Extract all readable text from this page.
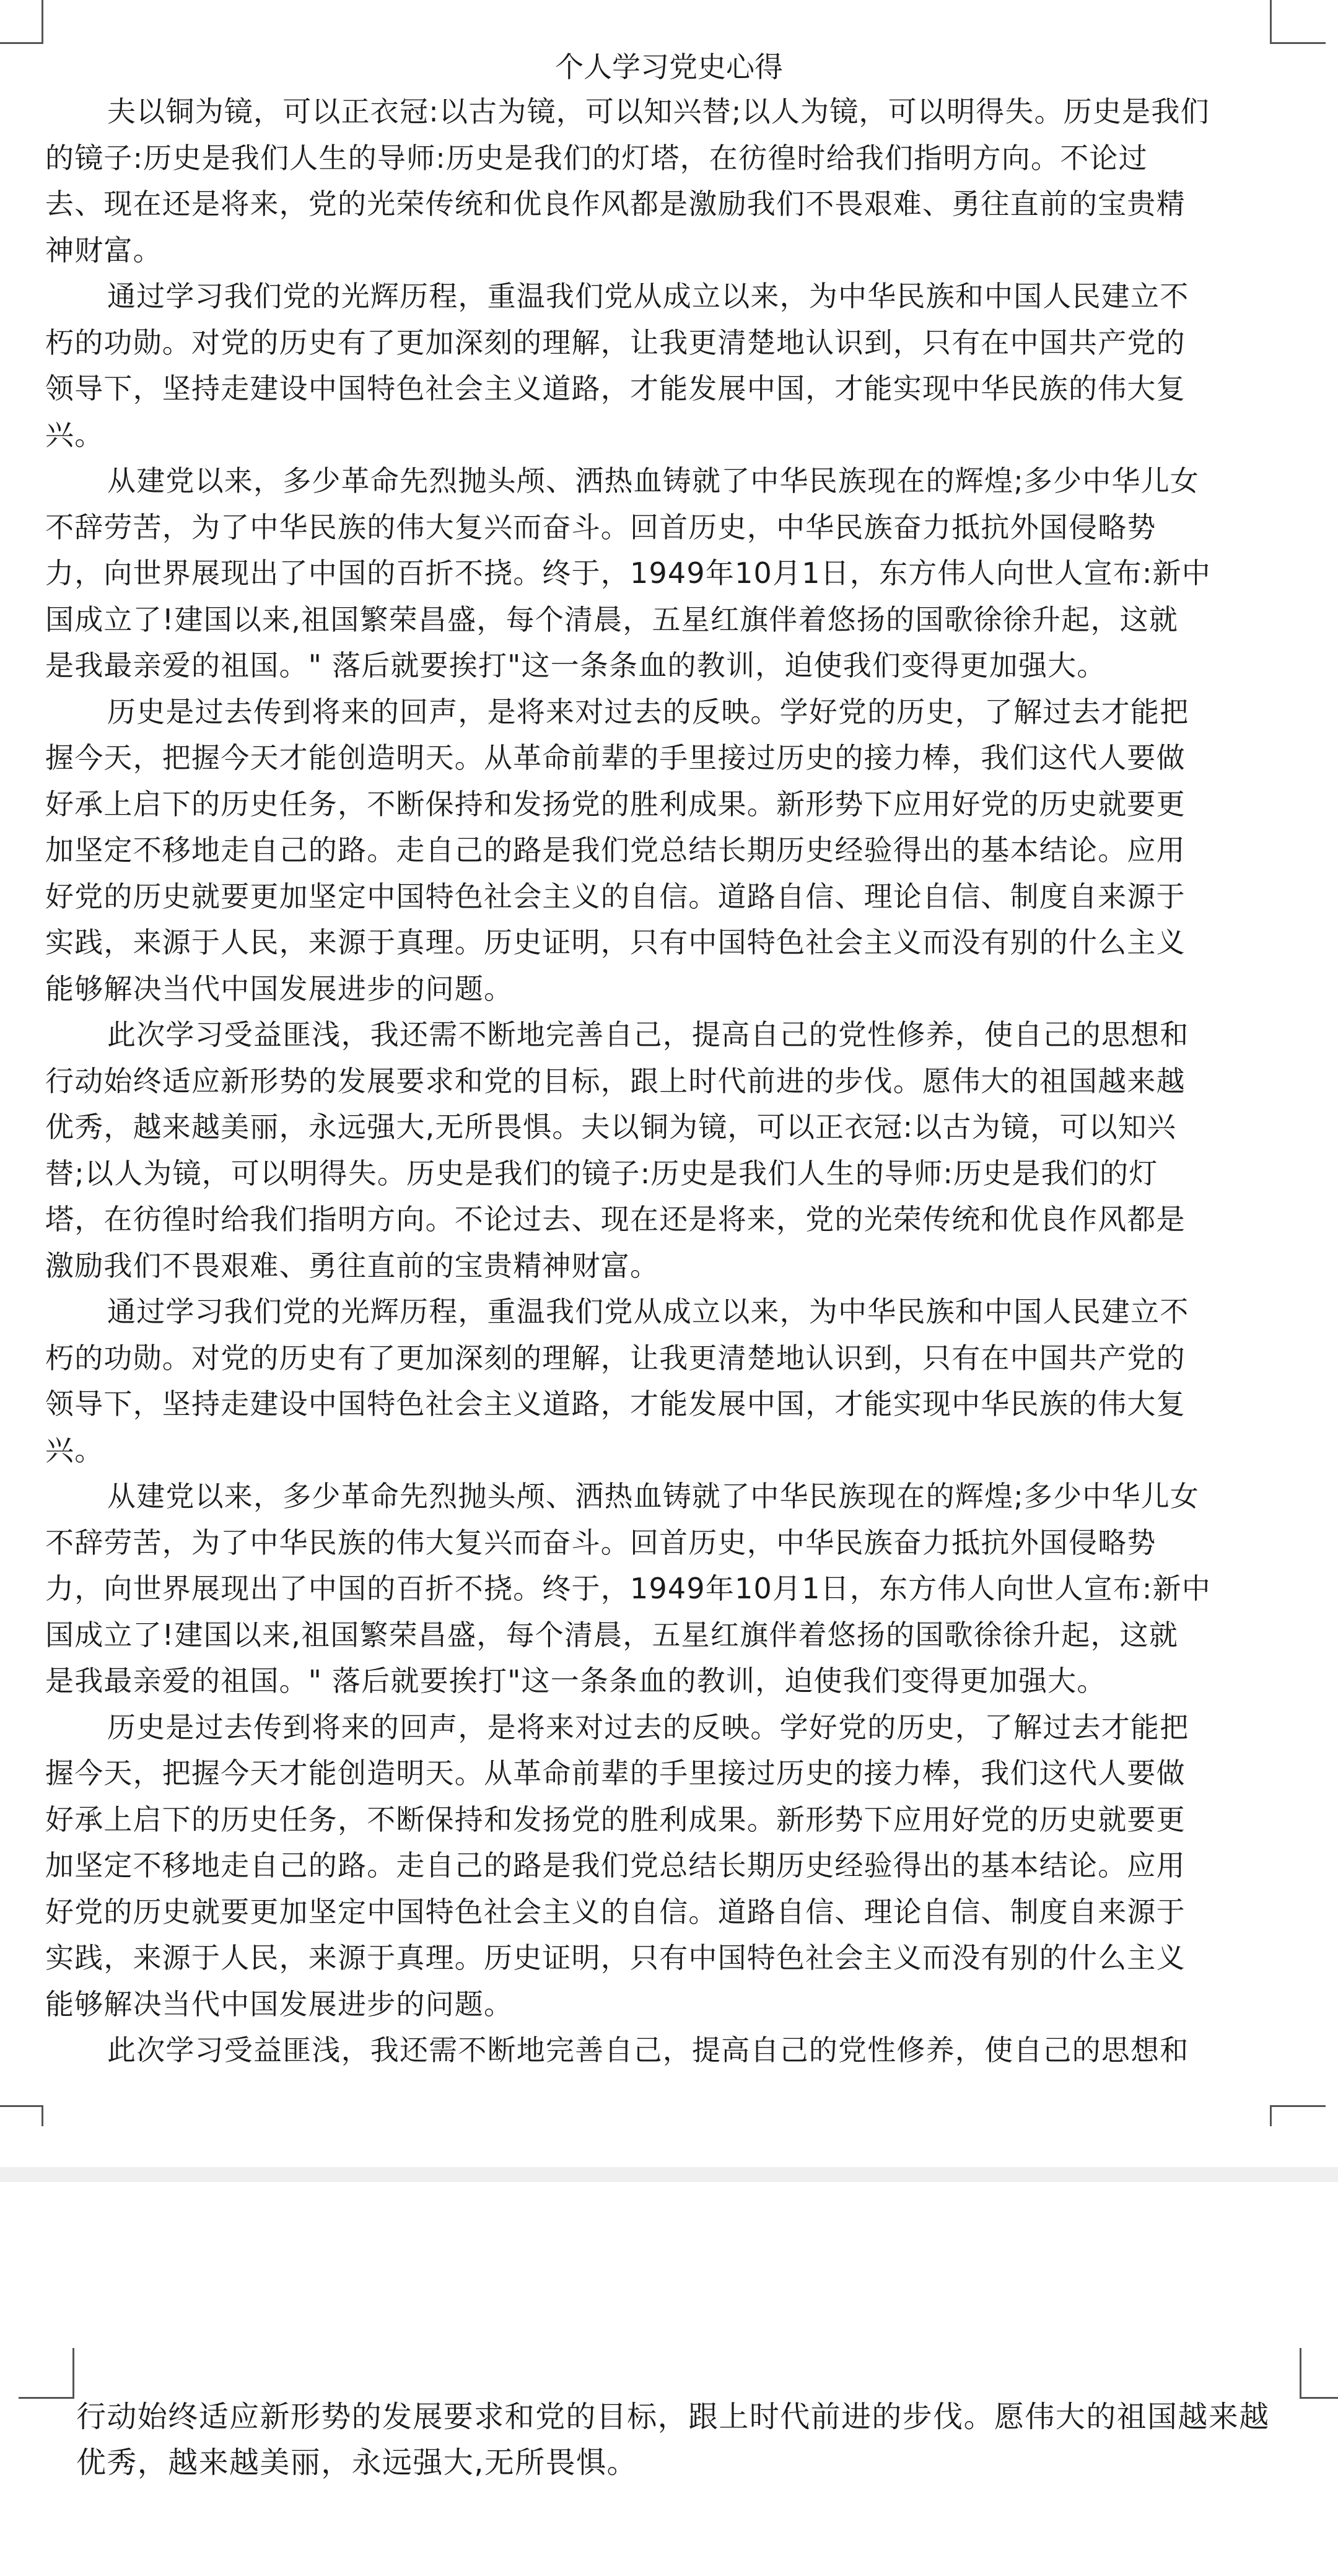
个人学习党史心得
夫以铜为镜，可以正衣冠:以古为镜，可以知兴替;以人为镜，可以明得失。历史是我们
的镜子:历史是我们人生的导师:历史是我们的灯塔，在彷徨时给我们指明方向。不论过
去、现在还是将来，党的光荣传统和优良作风都是激励我们不畏艰难、勇往直前的宝贵精
神财富。
通过学习我们党的光辉历程，重温我们党从成立以来，为中华民族和中国人民建立不
朽的功勋。对党的历史有了更加深刻的理解，让我更清楚地认识到，只有在中国共产党的
领导下，坚持走建设中国特色社会主义道路，才能发展中国，才能实现中华民族的伟大复
兴。
从建党以来，多少革命先烈抛头颅、洒热血铸就了中华民族现在的辉煌;多少中华儿女
不辞劳苦，为了中华民族的伟大复兴而奋斗。回首历史，中华民族奋力抵抗外国侵略势
力，向世界展现出了中国的百折不挠。终于，1949年10月1日，东方伟人向世人宣布:新中
国成立了!建国以来,祖国繁荣昌盛，每个清晨，五星红旗伴着悠扬的国歌徐徐升起，这就
是我最亲爱的祖国。" 落后就要挨打"这一条条血的教训，迫使我们变得更加强大。
历史是过去传到将来的回声，是将来对过去的反映。学好党的历史，了解过去才能把
握今天，把握今天才能创造明天。从革命前辈的手里接过历史的接力棒，我们这代人要做
好承上启下的历史任务，不断保持和发扬党的胜利成果。新形势下应用好党的历史就要更
加坚定不移地走自己的路。走自己的路是我们党总结长期历史经验得出的基本结论。应用
好党的历史就要更加坚定中国特色社会主义的自信。道路自信、理论自信、制度自来源于
实践，来源于人民，来源于真理。历史证明，只有中国特色社会主义而没有别的什么主义
能够解决当代中国发展进步的问题。
此次学习受益匪浅，我还需不断地完善自己，提高自己的党性修养，使自己的思想和
行动始终适应新形势的发展要求和党的目标，跟上时代前进的步伐。愿伟大的祖国越来越
优秀，越来越美丽，永远强大,无所畏惧。夫以铜为镜，可以正衣冠:以古为镜，可以知兴
替;以人为镜，可以明得失。历史是我们的镜子:历史是我们人生的导师:历史是我们的灯
塔，在彷徨时给我们指明方向。不论过去、现在还是将来，党的光荣传统和优良作风都是
激励我们不畏艰难、勇往直前的宝贵精神财富。
通过学习我们党的光辉历程，重温我们党从成立以来，为中华民族和中国人民建立不
朽的功勋。对党的历史有了更加深刻的理解，让我更清楚地认识到，只有在中国共产党的
领导下，坚持走建设中国特色社会主义道路，才能发展中国，才能实现中华民族的伟大复
兴。
从建党以来，多少革命先烈抛头颅、洒热血铸就了中华民族现在的辉煌;多少中华儿女
不辞劳苦，为了中华民族的伟大复兴而奋斗。回首历史，中华民族奋力抵抗外国侵略势
力，向世界展现出了中国的百折不挠。终于，1949年10月1日，东方伟人向世人宣布:新中
国成立了!建国以来,祖国繁荣昌盛，每个清晨，五星红旗伴着悠扬的国歌徐徐升起，这就
是我最亲爱的祖国。" 落后就要挨打"这一条条血的教训，迫使我们变得更加强大。
历史是过去传到将来的回声，是将来对过去的反映。学好党的历史，了解过去才能把
握今天，把握今天才能创造明天。从革命前辈的手里接过历史的接力棒，我们这代人要做
好承上启下的历史任务，不断保持和发扬党的胜利成果。新形势下应用好党的历史就要更
加坚定不移地走自己的路。走自己的路是我们党总结长期历史经验得出的基本结论。应用
好党的历史就要更加坚定中国特色社会主义的自信。道路自信、理论自信、制度自来源于
实践，来源于人民，来源于真理。历史证明，只有中国特色社会主义而没有别的什么主义
能够解决当代中国发展进步的问题。
此次学习受益匪浅，我还需不断地完善自己，提高自己的党性修养，使自己的思想和
行动始终适应新形势的发展要求和党的目标，跟上时代前进的步伐。愿伟大的祖国越来越
优秀，越来越美丽，永远强大,无所畏惧。
